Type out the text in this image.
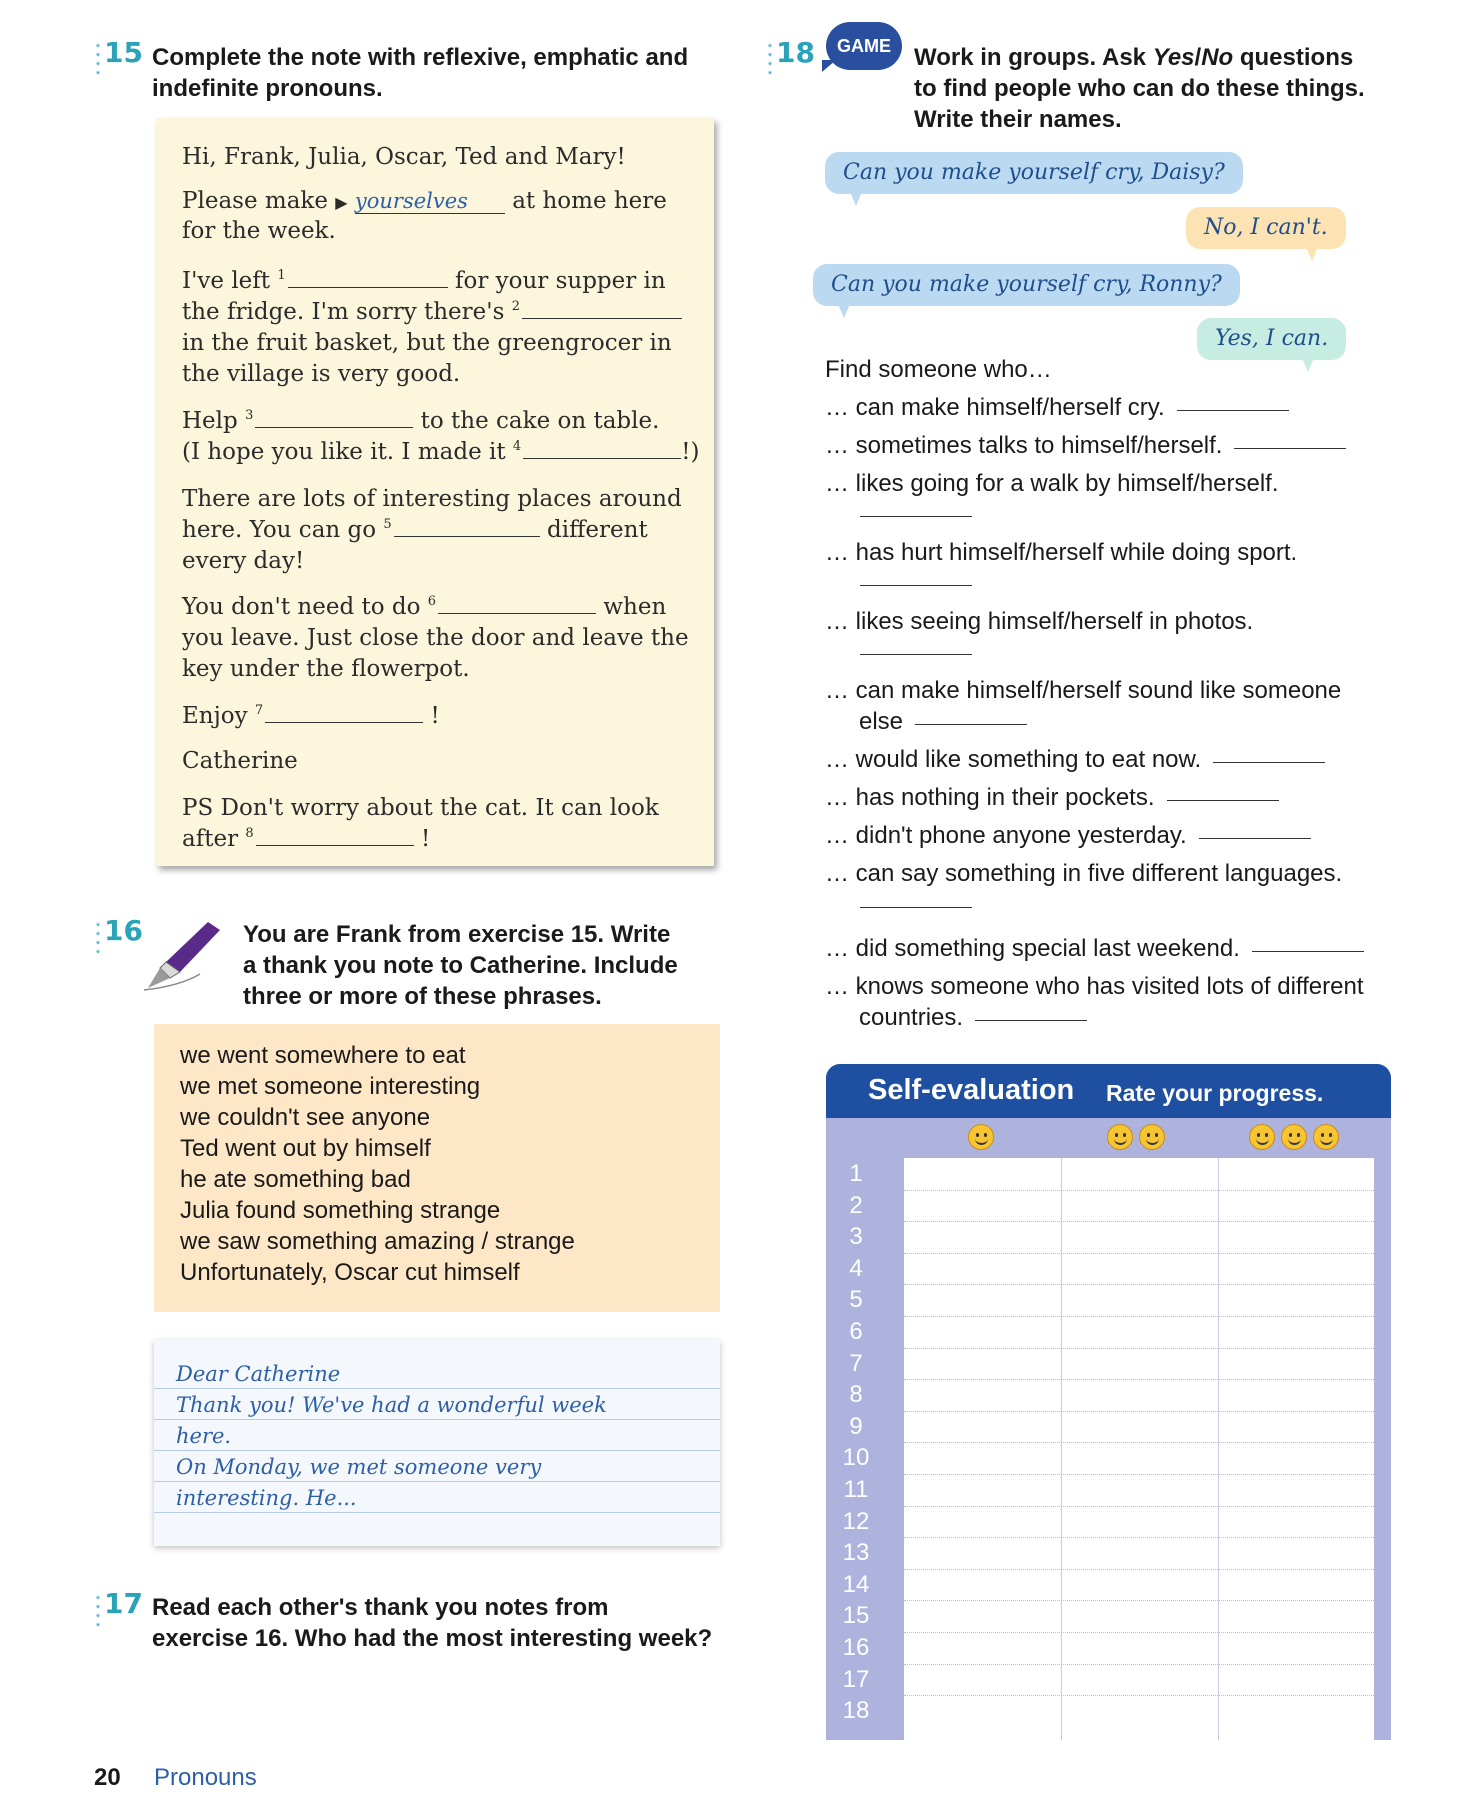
*
*
*
*
15 Complete the note with reflexive, emphatic and
indefinite pronouns.
Hi, Frank, Julia, Oscar, Ted and Mary!
Please make ▶ yourselves at home here
for the week.
I've left $^1$	for your supper in
the fridge. I'm sorry there's $^2$
in the fruit basket, but the greengrocer in
the village is very good.
Help $^3$	to the cake on table.
(I hope you like it. I made it $^4$	!)
There are lots of interesting places around
here. You can go $^5$	different
every day!
You don't need to do $^6$	when
you leave. Just close the door and leave the
key under the flowerpot.
Enjoy $^7$	!
Catherine
PS Don't worry about the cat. It can look
after $^8$	!
*
*
*
*
16	You are Frank from exercise 15. Write
a thank you note to Catherine. Include
three or more of these phrases.
we went somewhere to eat
we met someone interesting
we couldn't see anyone
Ted went out by himself
he ate something bad
Julia found something strange
we saw something amazing / strange
Unfortunately, Oscar cut himself
Dear Catherine
Thank you! We've had a wonderful week
here.
On Monday, we met someone very
interesting. He...
*
*
*
*
17 Read each other's thank you notes from
exercise 16. Who had the most interesting week?
*
*
*
*
18	GAME Work in groups. Ask Yes/No questions
to find people who can do these things.
Write their names.
Can you make yourself cry, Daisy?
No, I can't.
Can you make yourself cry, Ronny?
Yes, I can.
Find someone who…
… can make himself/herself cry.
… sometimes talks to himself/herself.
… likes going for a walk by himself/herself.
… has hurt himself/herself while doing sport.
… likes seeing himself/herself in photos.
… can make himself/herself sound like someone
else
… would like something to eat now.
… has nothing in their pockets.
… didn't phone anyone yesterday.
… can say something in five different languages.
… did something special last weekend.
… knows someone who has visited lots of different
countries.
Self-evaluation Rate your progress.
1
2
3
4
5
6
7
8
9
10
11
12
13
14
15
16
17
18
20 Pronouns
